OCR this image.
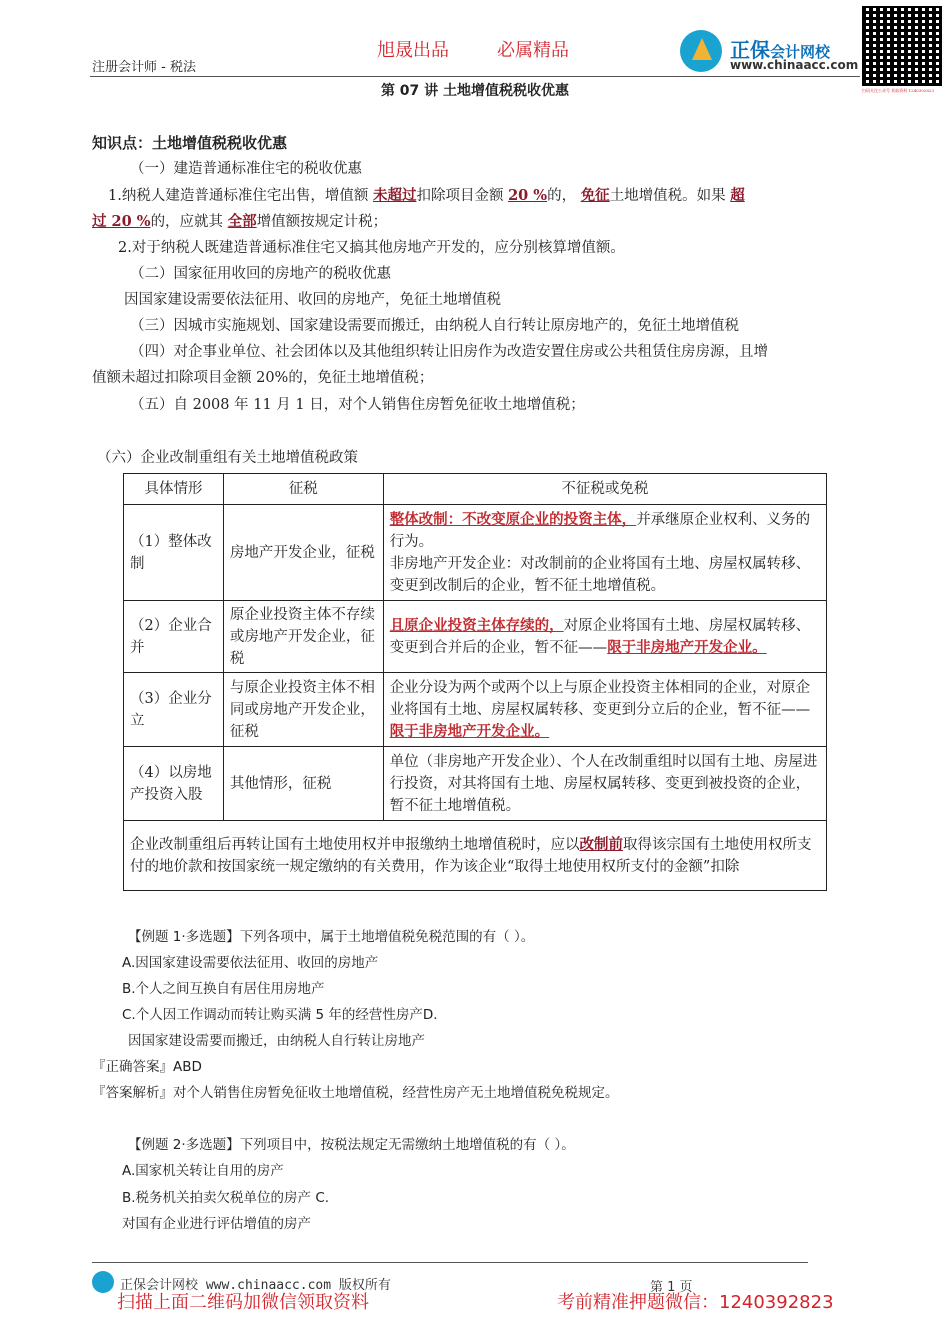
注册会计师 - 税法
旭晟出品	必属精品	正保会计网校
www.chinaacc.com
扫码关注公众号 获取资料 1240392823
第 07 讲 土地增值税税收优惠
知识点：土地增值税税收优惠
（一）建造普通标准住宅的税收优惠
1.纳税人建造普通标准住宅出售，增值额 未超过扣除项目金额 20 %的， 免征土地增值税。如果 超
过 20 %的，应就其 全部增值额按规定计税；
2.对于纳税人既建造普通标准住宅又搞其他房地产开发的，应分别核算增值额。
（二）国家征用收回的房地产的税收优惠
因国家建设需要依法征用、收回的房地产，免征土地增值税
（三）因城市实施规划、国家建设需要而搬迁，由纳税人自行转让原房地产的，免征土地增值税
（四）对企事业单位、社会团体以及其他组织转让旧房作为改造安置住房或公共租赁住房房源，且增
值额未超过扣除项目金额 20%的，免征土地增值税；
（五）自 2008 年 11 月 1 日，对个人销售住房暂免征收土地增值税；
（六）企业改制重组有关土地增值税政策
具体情形	征税	不征税或免税
（1）整体改制	房地产开发企业，征税	整体改制：不改变原企业的投资主体，并承继原企业权利、义务的行为。
非房地产开发企业：对改制前的企业将国有土地、房屋权属转移、变更到改制后的企业，暂不征土地增值税。
（2）企业合并	原企业投资主体不存续或房地产开发企业，征税	且原企业投资主体存续的，对原企业将国有土地、房屋权属转移、变更到合并后的企业，暂不征——限于非房地产开发企业。
（3）企业分立	与原企业投资主体不相同或房地产开发企业，征税	企业分设为两个或两个以上与原企业投资主体相同的企业，对原企业将国有土地、房屋权属转移、变更到分立后的企业，暂不征——限于非房地产开发企业。
（4）以房地产投资入股	其他情形，征税	单位（非房地产开发企业）、个人在改制重组时以国有土地、房屋进行投资，对其将国有土地、房屋权属转移、变更到被投资的企业，暂不征土地增值税。
企业改制重组后再转让国有土地使用权并申报缴纳土地增值税时，应以改制前取得该宗国有土地使用权所支付的地价款和按国家统一规定缴纳的有关费用，作为该企业“取得土地使用权所支付的金额”扣除		
【例题 1·多选题】下列各项中，属于土地增值税免税范围的有（ ）。
A.因国家建设需要依法征用、收回的房地产
B.个人之间互换自有居住用房地产
C.个人因工作调动而转让购买满 5 年的经营性房产D.
因国家建设需要而搬迁，由纳税人自行转让房地产
『正确答案』ABD
『答案解析』对个人销售住房暂免征收土地增值税，经营性房产无土地增值税免税规定。
【例题 2·多选题】下列项目中，按税法规定无需缴纳土地增值税的有（ ）。
A.国家机关转让自用的房产
B.税务机关拍卖欠税单位的房产 C.
对国有企业进行评估增值的房产
正保会计网校 www.chinaacc.com 版权所有	第 1 页
扫描上面二维码加微信领取资料	考前精准押题微信：1240392823
